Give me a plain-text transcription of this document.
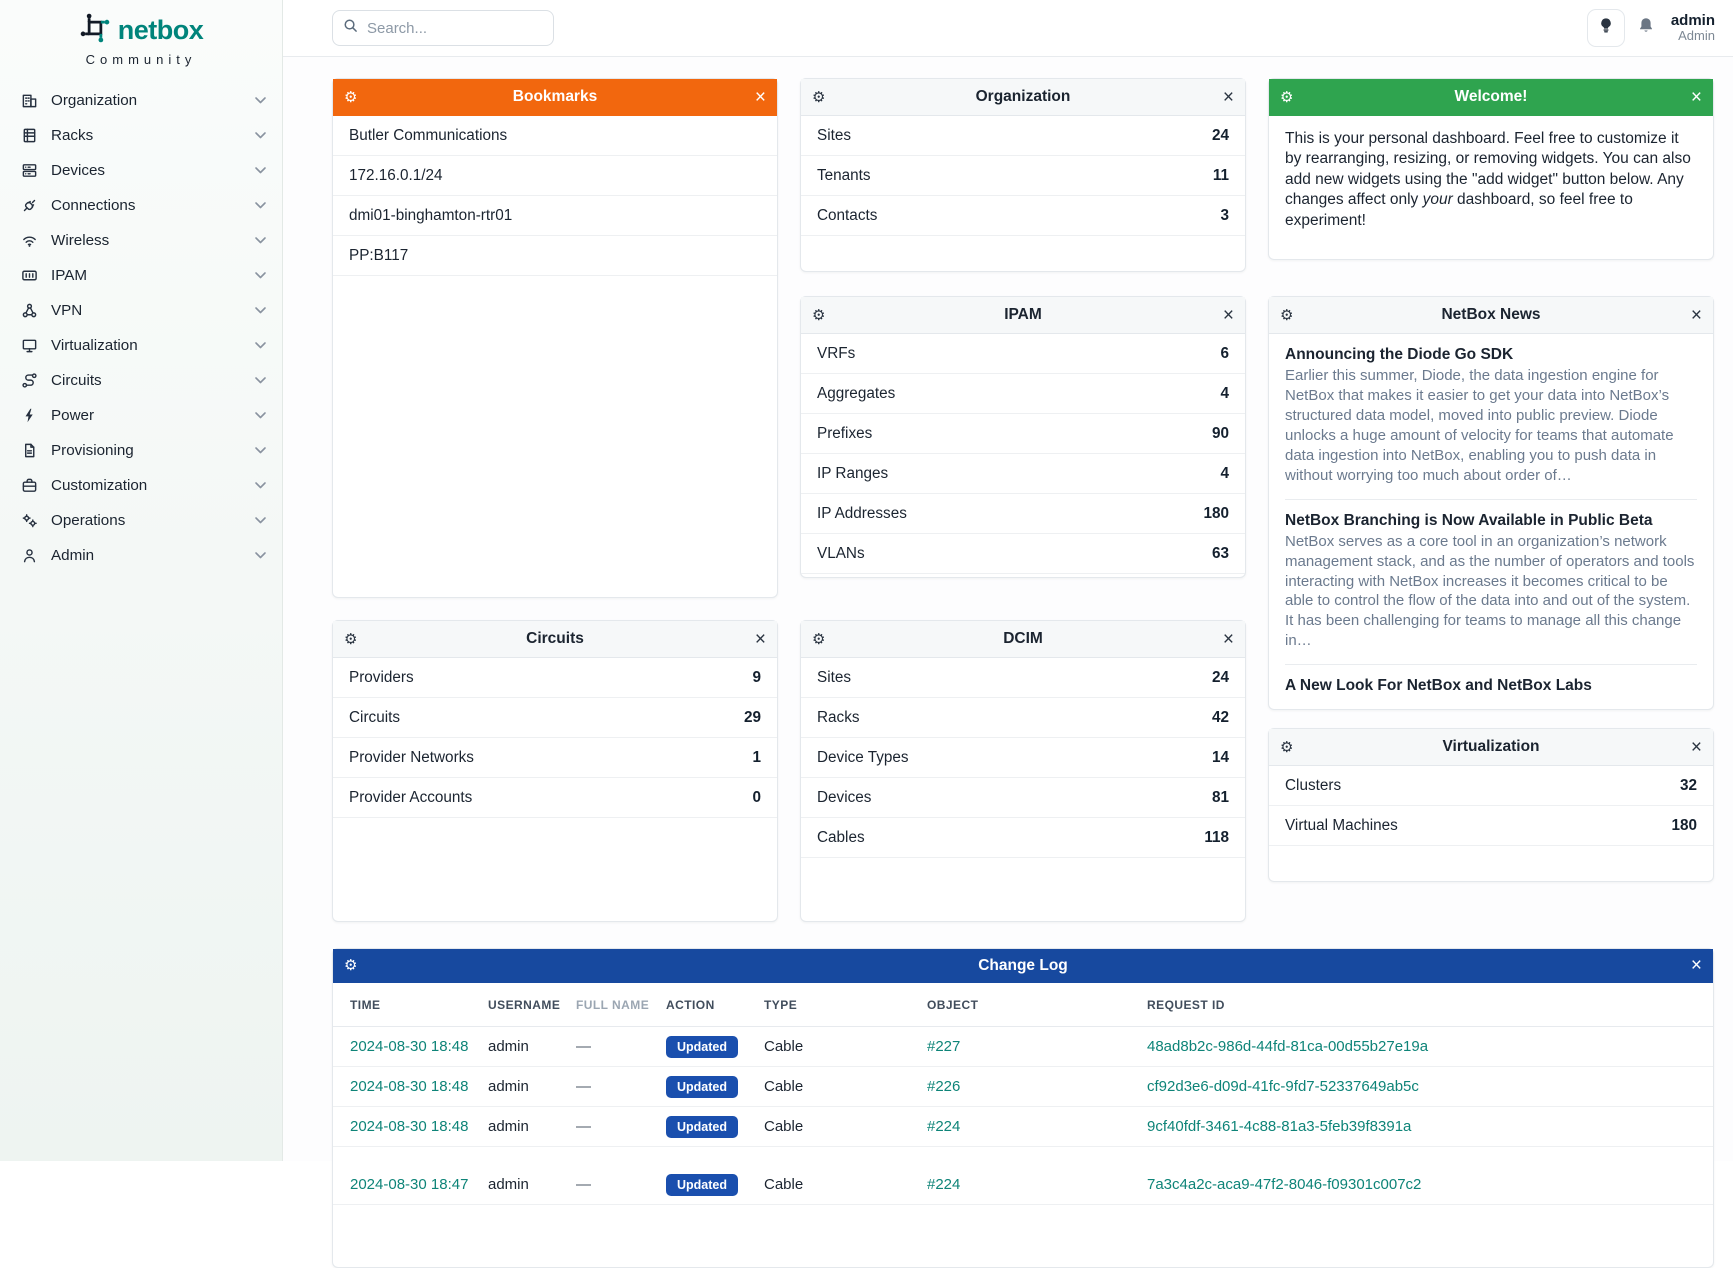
netbox
Community
Organization
Racks
Devices
Connections
Wireless
IPAM
VPN
Virtualization
Circuits
Power
Provisioning
Customization
Operations
Admin
Search...
admin
Admin
⚙	Bookmarks	×
Butler Communications
172.16.0.1/24
dmi01-binghamton-rtr01
PP:B117
⚙	Organization	×
Sites	24
Tenants	11
Contacts	3
⚙	Welcome!	×
This is your personal dashboard. Feel free to customize it by rearranging, resizing, or removing widgets. You can also add new widgets using the "add widget" button below. Any changes affect only your dashboard, so feel free to experiment!
⚙	IPAM	×
VRFs	6
Aggregates	4
Prefixes	90
IP Ranges	4
IP Addresses	180
VLANs	63
⚙	NetBox News	×
Announcing the Diode Go SDK
Earlier this summer, Diode, the data ingestion engine for NetBox that makes it easier to get your data into NetBox’s structured data model, moved into public preview. Diode unlocks a huge amount of velocity for teams that automate data ingestion into NetBox, enabling you to push data in without worrying too much about order of…
NetBox Branching is Now Available in Public Beta
NetBox serves as a core tool in an organization’s network management stack, and as the number of operators and tools interacting with NetBox increases it becomes critical to be able to control the flow of the data into and out of the system. It has been challenging for teams to manage all this change in…
A New Look For NetBox and NetBox Labs
⚙	Circuits	×
Providers	9
Circuits	29
Provider Networks	1
Provider Accounts	0
⚙	DCIM	×
Sites	24
Racks	42
Device Types	14
Devices	81
Cables	118
⚙	Virtualization	×
Clusters	32
Virtual Machines	180
⚙	Change Log	×
TIME	USERNAME	FULL NAME	ACTION	TYPE	OBJECT	REQUEST ID
2024-08-30 18:48	admin	—	Updated	Cable	#227	48ad8b2c-986d-44fd-81ca-00d55b27e19a
2024-08-30 18:48	admin	—	Updated	Cable	#226	cf92d3e6-d09d-41fc-9fd7-52337649ab5c
2024-08-30 18:48	admin	—	Updated	Cable	#224	9cf40fdf-3461-4c88-81a3-5feb39f8391a
2024-08-30 18:47	admin	—	Updated	Cable	#224	7a3c4a2c-aca9-47f2-8046-f09301c007c2
